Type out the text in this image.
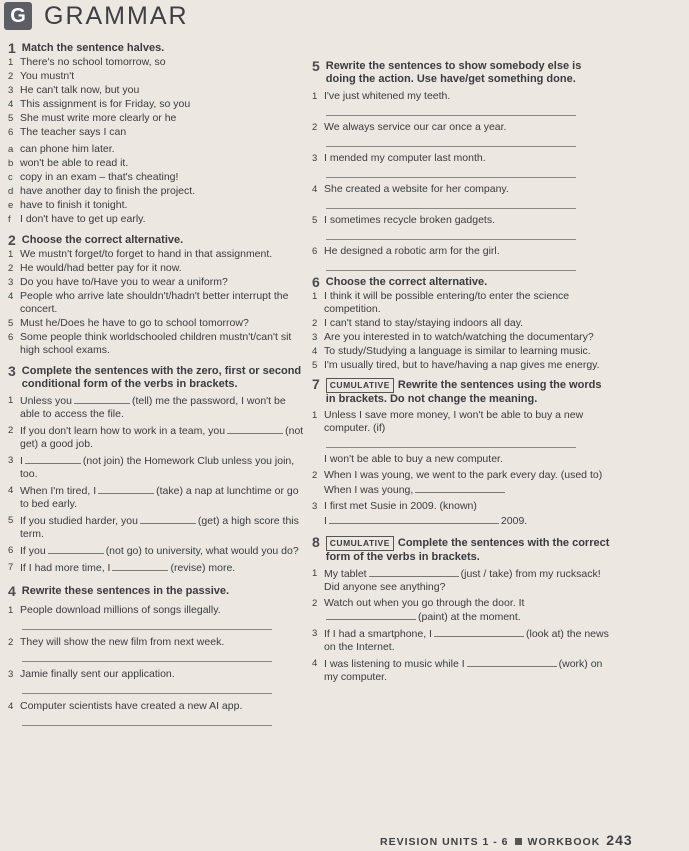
G GRAMMAR
1 Match the sentence halves.
1 There's no school tomorrow, so
2 You mustn't
3 He can't talk now, but you
4 This assignment is for Friday, so you
5 She must write more clearly or he
6 The teacher says I can
a can phone him later.
b won't be able to read it.
c copy in an exam – that's cheating!
d have another day to finish the project.
e have to finish it tonight.
f I don't have to get up early.
2 Choose the correct alternative.
1 We mustn't forget/to forget to hand in that assignment.
2 He would/had better pay for it now.
3 Do you have to/Have you to wear a uniform?
4 People who arrive late shouldn't/hadn't better interrupt the concert.
5 Must he/Does he have to go to school tomorrow?
6 Some people think worldschooled children mustn't/can't sit high school exams.
3 Complete the sentences with the zero, first or second conditional form of the verbs in brackets.
1 Unless you	(tell) me the password, I won't be able to access the file.
2 If you don't learn how to work in a team, you	(not get) a good job.
3 I	(not join) the Homework Club unless you join, too.
4 When I'm tired, I	(take) a nap at lunchtime or go to bed early.
5 If you studied harder, you	(get) a high score this term.
6 If you	(not go) to university, what would you do?
7 If I had more time, I	(revise) more.
4 Rewrite these sentences in the passive.
1 People download millions of songs illegally.
2 They will show the new film from next week.
3 Jamie finally sent our application.
4 Computer scientists have created a new AI app.
5 Rewrite the sentences to show somebody else is doing the action. Use have/get something done.
1 I've just whitened my teeth.
2 We always service our car once a year.
3 I mended my computer last month.
4 She created a website for her company.
5 I sometimes recycle broken gadgets.
6 He designed a robotic arm for the girl.
6 Choose the correct alternative.
1 I think it will be possible entering/to enter the science competition.
2 I can't stand to stay/staying indoors all day.
3 Are you interested in to watch/watching the documentary?
4 To study/Studying a language is similar to learning music.
5 I'm usually tired, but to have/having a nap gives me energy.
7	CUMULATIVE Rewrite the sentences using the words in brackets. Do not change the meaning.
1 Unless I save more money, I won't be able to buy a new computer. (if)
I won't be able to buy a new computer.
2 When I was young, we went to the park every day. (used to)
When I was young,
3 I first met Susie in 2009. (known)
I	2009.
8	CUMULATIVE Complete the sentences with the correct form of the verbs in brackets.
1 My tablet	(just / take) from my rucksack! Did anyone see anything?
2 Watch out when you go through the door. It(paint) at the moment.
3 If I had a smartphone, I	(look at) the news on the Internet.
4 I was listening to music while I	(work) on my computer.
REVISION UNITS 1 - 6 WORKBOOK 243
